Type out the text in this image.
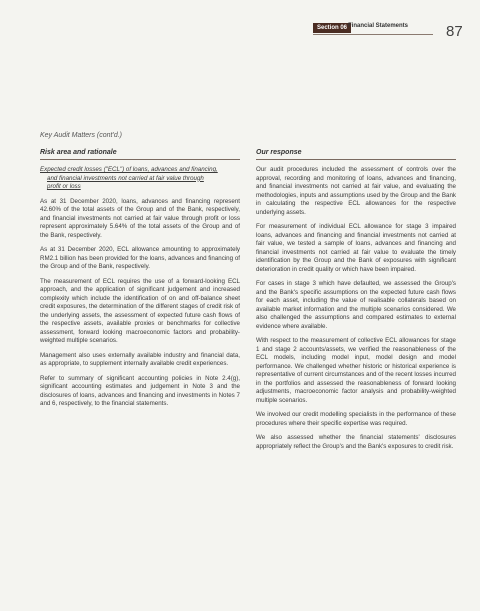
Section 06 Financial Statements	87
Key Audit Matters (cont'd.)
Risk area and rationale	Our response

Expected credit losses ("ECL") of loans, advances and financing,
and financial investments not carried at fair value through
profit or loss

As at 31 December 2020, loans, advances and financing represent 42.60% of the total assets of the Group and of the Bank, respectively, and financial investments not carried at fair value through profit or loss represent approximately 5.64% of the total assets of the Group and of the Bank, respectively.

As at 31 December 2020, ECL allowance amounting to approximately RM2.1 billion has been provided for the loans, advances and financing of the Group and of the Bank, respectively.

The measurement of ECL requires the use of a forward-looking ECL approach, and the application of significant judgement and increased complexity which include the identification of on and off-balance sheet credit exposures, the determination of the different stages of credit risk of the underlying assets, the assessment of expected future cash flows of the respective assets, available proxies or benchmarks for collective assessment, forward looking macroeconomic factors and probability-weighted multiple scenarios.

Management also uses externally available industry and financial data, as appropriate, to supplement internally available credit experiences.

Refer to summary of significant accounting policies in Note 2.4(g), significant accounting estimates and judgement in Note 3 and the disclosures of loans, advances and financing and investments in Notes 7 and 6, respectively, to the financial statements.

Our audit procedures included the assessment of controls over the approval, recording and monitoring of loans, advances and financing, and financial investments not carried at fair value, and evaluating the methodologies, inputs and assumptions used by the Group and the Bank in calculating the respective ECL allowances for the respective underlying assets.

For measurement of individual ECL allowance for stage 3 impaired loans, advances and financing and financial investments not carried at fair value, we tested a sample of loans, advances and financing and financial investments not carried at fair value to evaluate the timely identification by the Group and the Bank of exposures with significant deterioration in credit quality or which have been impaired.

For cases in stage 3 which have defaulted, we assessed the Group's and the Bank's specific assumptions on the expected future cash flows for each asset, including the value of realisable collaterals based on available market information and the multiple scenarios considered. We also challenged the assumptions and compared estimates to external evidence where available.

With respect to the measurement of collective ECL allowances for stage 1 and stage 2 accounts/assets, we verified the reasonableness of the ECL models, including model input, model design and model performance. We challenged whether historic or historical experience is representative of current circumstances and of the recent losses incurred in the portfolios and assessed the reasonableness of forward looking adjustments, macroeconomic factor analysis and probability-weighted multiple scenarios.

We involved our credit modelling specialists in the performance of these procedures where their specific expertise was required.

We also assessed whether the financial statements' disclosures appropriately reflect the Group's and the Bank's exposures to credit risk.
